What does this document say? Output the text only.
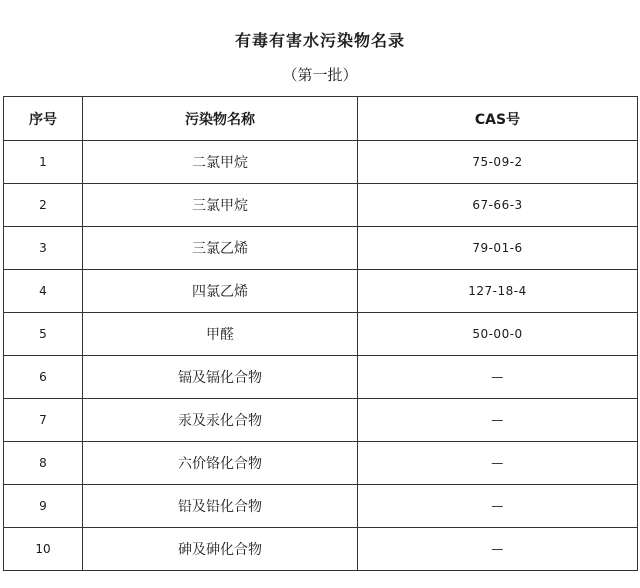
有毒有害水污染物名录
（第一批）
序号	污染物名称	CAS号
1	二氯甲烷	75-09-2
2	三氯甲烷	67-66-3
3	三氯乙烯	79-01-6
4	四氯乙烯	127-18-4
5	甲醛	50-00-0
6	镉及镉化合物	—
7	汞及汞化合物	—
8	六价铬化合物	—
9	铅及铅化合物	—
10	砷及砷化合物	—
